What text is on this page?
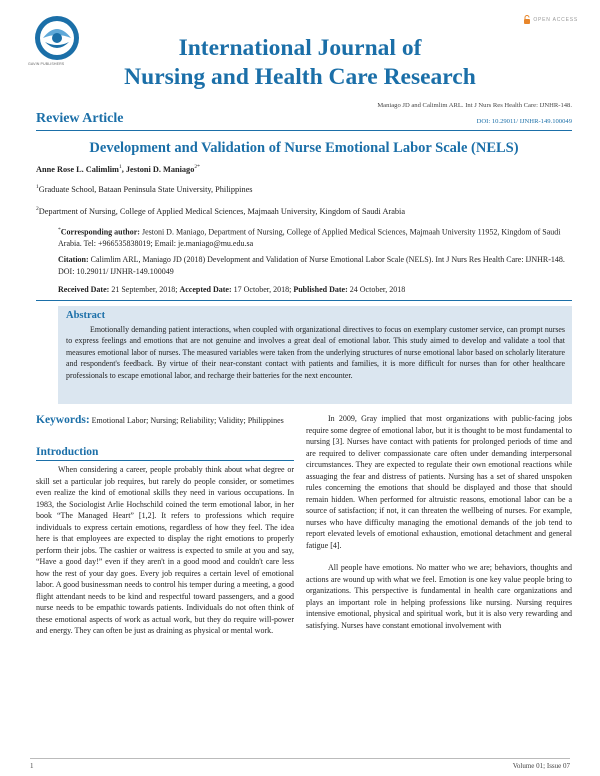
GAVIN PUBLISHERS
OPEN ACCESS
International Journal of
Nursing and Health Care Research
Maniago JD and Calimlim ARL. Int J Nurs Res Health Care: IJNHR-148.
Review Article	DOI: 10.29011/ IJNHR-149.100049
Development and Validation of Nurse Emotional Labor Scale (NELS)
Anne Rose L. Calimlim$^1$, Jestoni D. Maniago$^{2*}$
$^1$Graduate School, Bataan Peninsula State University, Philippines
$^2$Department of Nursing, College of Applied Medical Sciences, Majmaah University, Kingdom of Saudi Arabia
*Corresponding author: Jestoni D. Maniago, Department of Nursing, College of Applied Medical Sciences, Majmaah University 11952, Kingdom of Saudi Arabia. Tel: +966535838019; Email: je.maniago@mu.edu.sa
Citation: Calimlim ARL, Maniago JD (2018) Development and Validation of Nurse Emotional Labor Scale (NELS). Int J Nurs Res Health Care: IJNHR-148. DOI: 10.29011/ IJNHR-149.100049
Received Date: 21 September, 2018; Accepted Date: 17 October, 2018; Published Date: 24 October, 2018
Abstract
Emotionally demanding patient interactions, when coupled with organizational directives to focus on exemplary customer service, can prompt nurses to express feelings and emotions that are not genuine and involves a great deal of emotional labor. This study aimed to develop and validate a tool that measures emotional labor of nurses. The measured variables were taken from the underlying structures of nurse emotional labor based on scholarly literature and respondent's feedback. By virtue of their near-constant contact with patients and families, it is more difficult for nurses than for other healthcare professionals to escape emotional labor, and recharge their batteries for the next encounter.
Keywords: Emotional Labor; Nursing; Reliability; Validity; Philippines
Introduction

When considering a career, people probably think about what degree or skill set a particular job requires, but rarely do people consider, or sometimes even realize the kind of emotional skills they need in various occupations. In 1983, the Sociologist Arlie Hochschild coined the term emotional labor, in her book “The Managed Heart” [1,2]. It refers to professions which require individuals to express certain emotions, regardless of how they feel. The idea here is that employees are expected to display the right emotions to properly perform their jobs. The cashier or waitress is expected to smile at you and say, “Have a good day!” even if they aren't in a good mood and couldn't care less how the rest of your day goes. Every job requires a certain level of emotional labor. A good businessman needs to control his temper during a meeting, a good flight attendant needs to be kind and respectful toward passengers, and a good nurse needs to be empathic towards patients. Individuals do not often think of these emotional aspects of work as actual work, but they do require will-power and energy. They can often be just as draining as physical or mental work.

In 2009, Gray implied that most organizations with public-facing jobs require some degree of emotional labor, but it is thought to be most fundamental to nursing [3]. Nurses have contact with patients for prolonged periods of time and are required to deliver compassionate care often under demanding interpersonal circumstances. They are expected to regulate their own emotional reactions while assuaging the fear and distress of patients. Nursing has a set of shared unspoken rules concerning the emotions that should be displayed and those that should remain hidden. When performed for altruistic reasons, emotional labor can be a source of satisfaction; if not, it can threaten the wellbeing of nurses. For example, nurses who have difficulty managing the emotional demands of the job tend to report elevated levels of emotional exhaustion, emotional detachment and general fatigue [4].

All people have emotions. No matter who we are; behaviors, thoughts and actions are wound up with what we feel. Emotion is one key value people bring to organizations. This perspective is fundamental in health care organizations and plays an important role in helping professions like nursing. Nursing requires intensive emotional, physical and spiritual work, but it is also very rewarding and satisfying. Nurses have constant emotional involvement with

1	Volume 01; Issue 07
